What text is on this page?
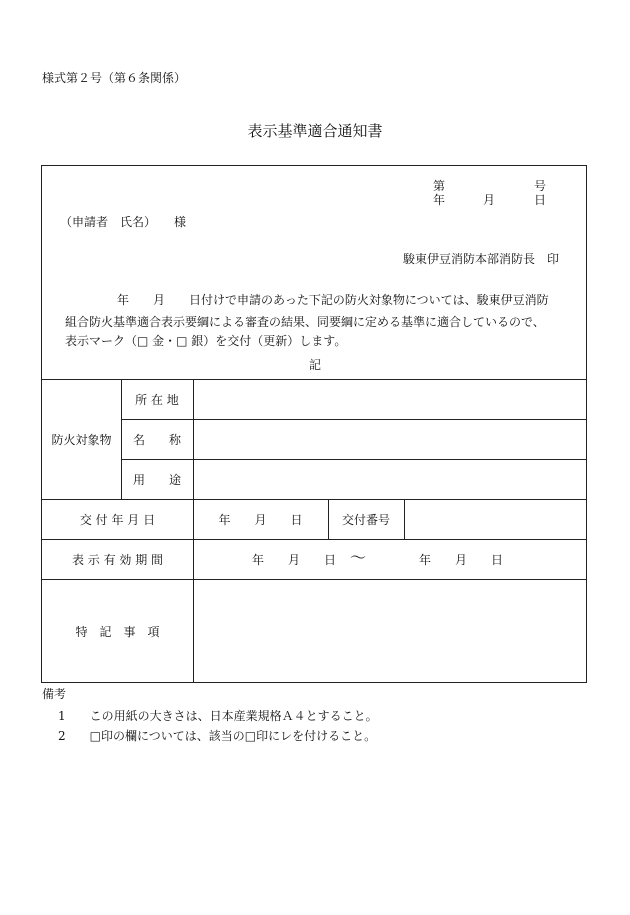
様式第２号（第６条関係）
表示基準適合通知書
第	号
年	月	日
（申請者　氏名）　　様
駿東伊豆消防本部消防長　印
年　　月　　日付けで申請のあった下記の防火対象物については、駿東伊豆消防
組合防火基準適合表示要綱による審査の結果、同要綱に定める基準に適合しているので、
表示マーク（□ 金・□ 銀）を交付（更新）します。
記
防火対象物
所 在 地
名　　称
用　　途
交 付 年 月 日	年　　月　　日	交付番号
表 示 有 効 期 間	年　　月　　日 〜	年　　月　　日
特　記　事　項
備考
1　　この用紙の大きさは、日本産業規格Ａ４とすること。
2　　□印の欄については、該当の□印にレを付けること。
